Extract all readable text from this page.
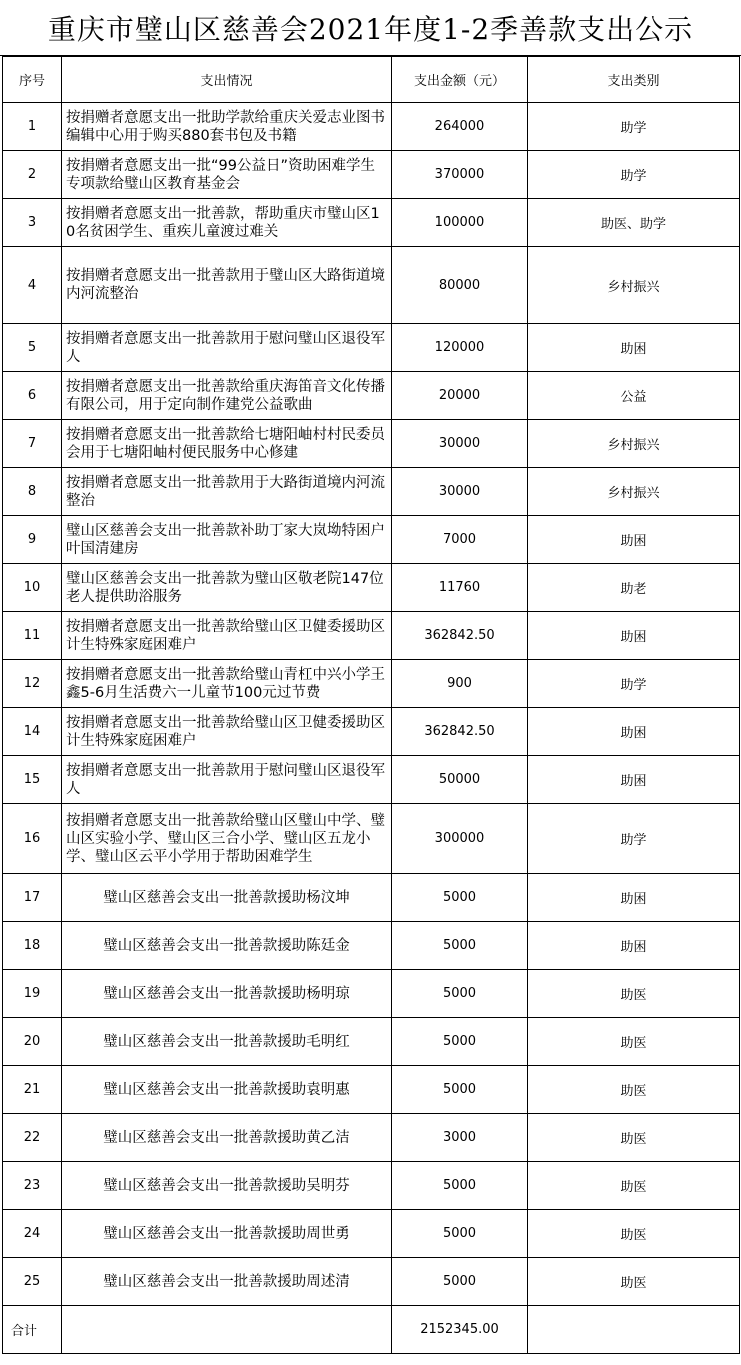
重庆市璧山区慈善会2021年度1-2季善款支出公示
序号	支出情况	支出金额（元）	支出类别
1	按捐赠者意愿支出一批助学款给重庆关爱志业图书编辑中心用于购买880套书包及书籍	264000	助学
2	按捐赠者意愿支出一批“99公益日”资助困难学生专项款给璧山区教育基金会	370000	助学
3	按捐赠者意愿支出一批善款，帮助重庆市璧山区10名贫困学生、重疾儿童渡过难关	100000	助医、助学
4	按捐赠者意愿支出一批善款用于璧山区大路街道境内河流整治	80000	乡村振兴
5	按捐赠者意愿支出一批善款用于慰问璧山区退役军人	120000	助困
6	按捐赠者意愿支出一批善款给重庆海笛音文化传播有限公司，用于定向制作建党公益歌曲	20000	公益
7	按捐赠者意愿支出一批善款给七塘阳岫村村民委员会用于七塘阳岫村便民服务中心修建	30000	乡村振兴
8	按捐赠者意愿支出一批善款用于大路街道境内河流整治	30000	乡村振兴
9	璧山区慈善会支出一批善款补助丁家大岚坳特困户叶国清建房	7000	助困
10	璧山区慈善会支出一批善款为璧山区敬老院147位老人提供助浴服务	11760	助老
11	按捐赠者意愿支出一批善款给璧山区卫健委援助区计生特殊家庭困难户	362842.50	助困
12	按捐赠者意愿支出一批善款给璧山青杠中兴小学王鑫5-6月生活费六一儿童节100元过节费	900	助学
14	按捐赠者意愿支出一批善款给璧山区卫健委援助区计生特殊家庭困难户	362842.50	助困
15	按捐赠者意愿支出一批善款用于慰问璧山区退役军人	50000	助困
16	按捐赠者意愿支出一批善款给璧山区璧山中学、璧山区实验小学、璧山区三合小学、璧山区五龙小学、璧山区云平小学用于帮助困难学生	300000	助学
17	璧山区慈善会支出一批善款援助杨汶坤	5000	助困
18	璧山区慈善会支出一批善款援助陈廷金	5000	助困
19	璧山区慈善会支出一批善款援助杨明琼	5000	助医
20	璧山区慈善会支出一批善款援助毛明红	5000	助医
21	璧山区慈善会支出一批善款援助袁明惠	5000	助医
22	璧山区慈善会支出一批善款援助黄乙洁	3000	助医
23	璧山区慈善会支出一批善款援助吴明芬	5000	助医
24	璧山区慈善会支出一批善款援助周世勇	5000	助医
25	璧山区慈善会支出一批善款援助周述清	5000	助医
合计		2152345.00	
